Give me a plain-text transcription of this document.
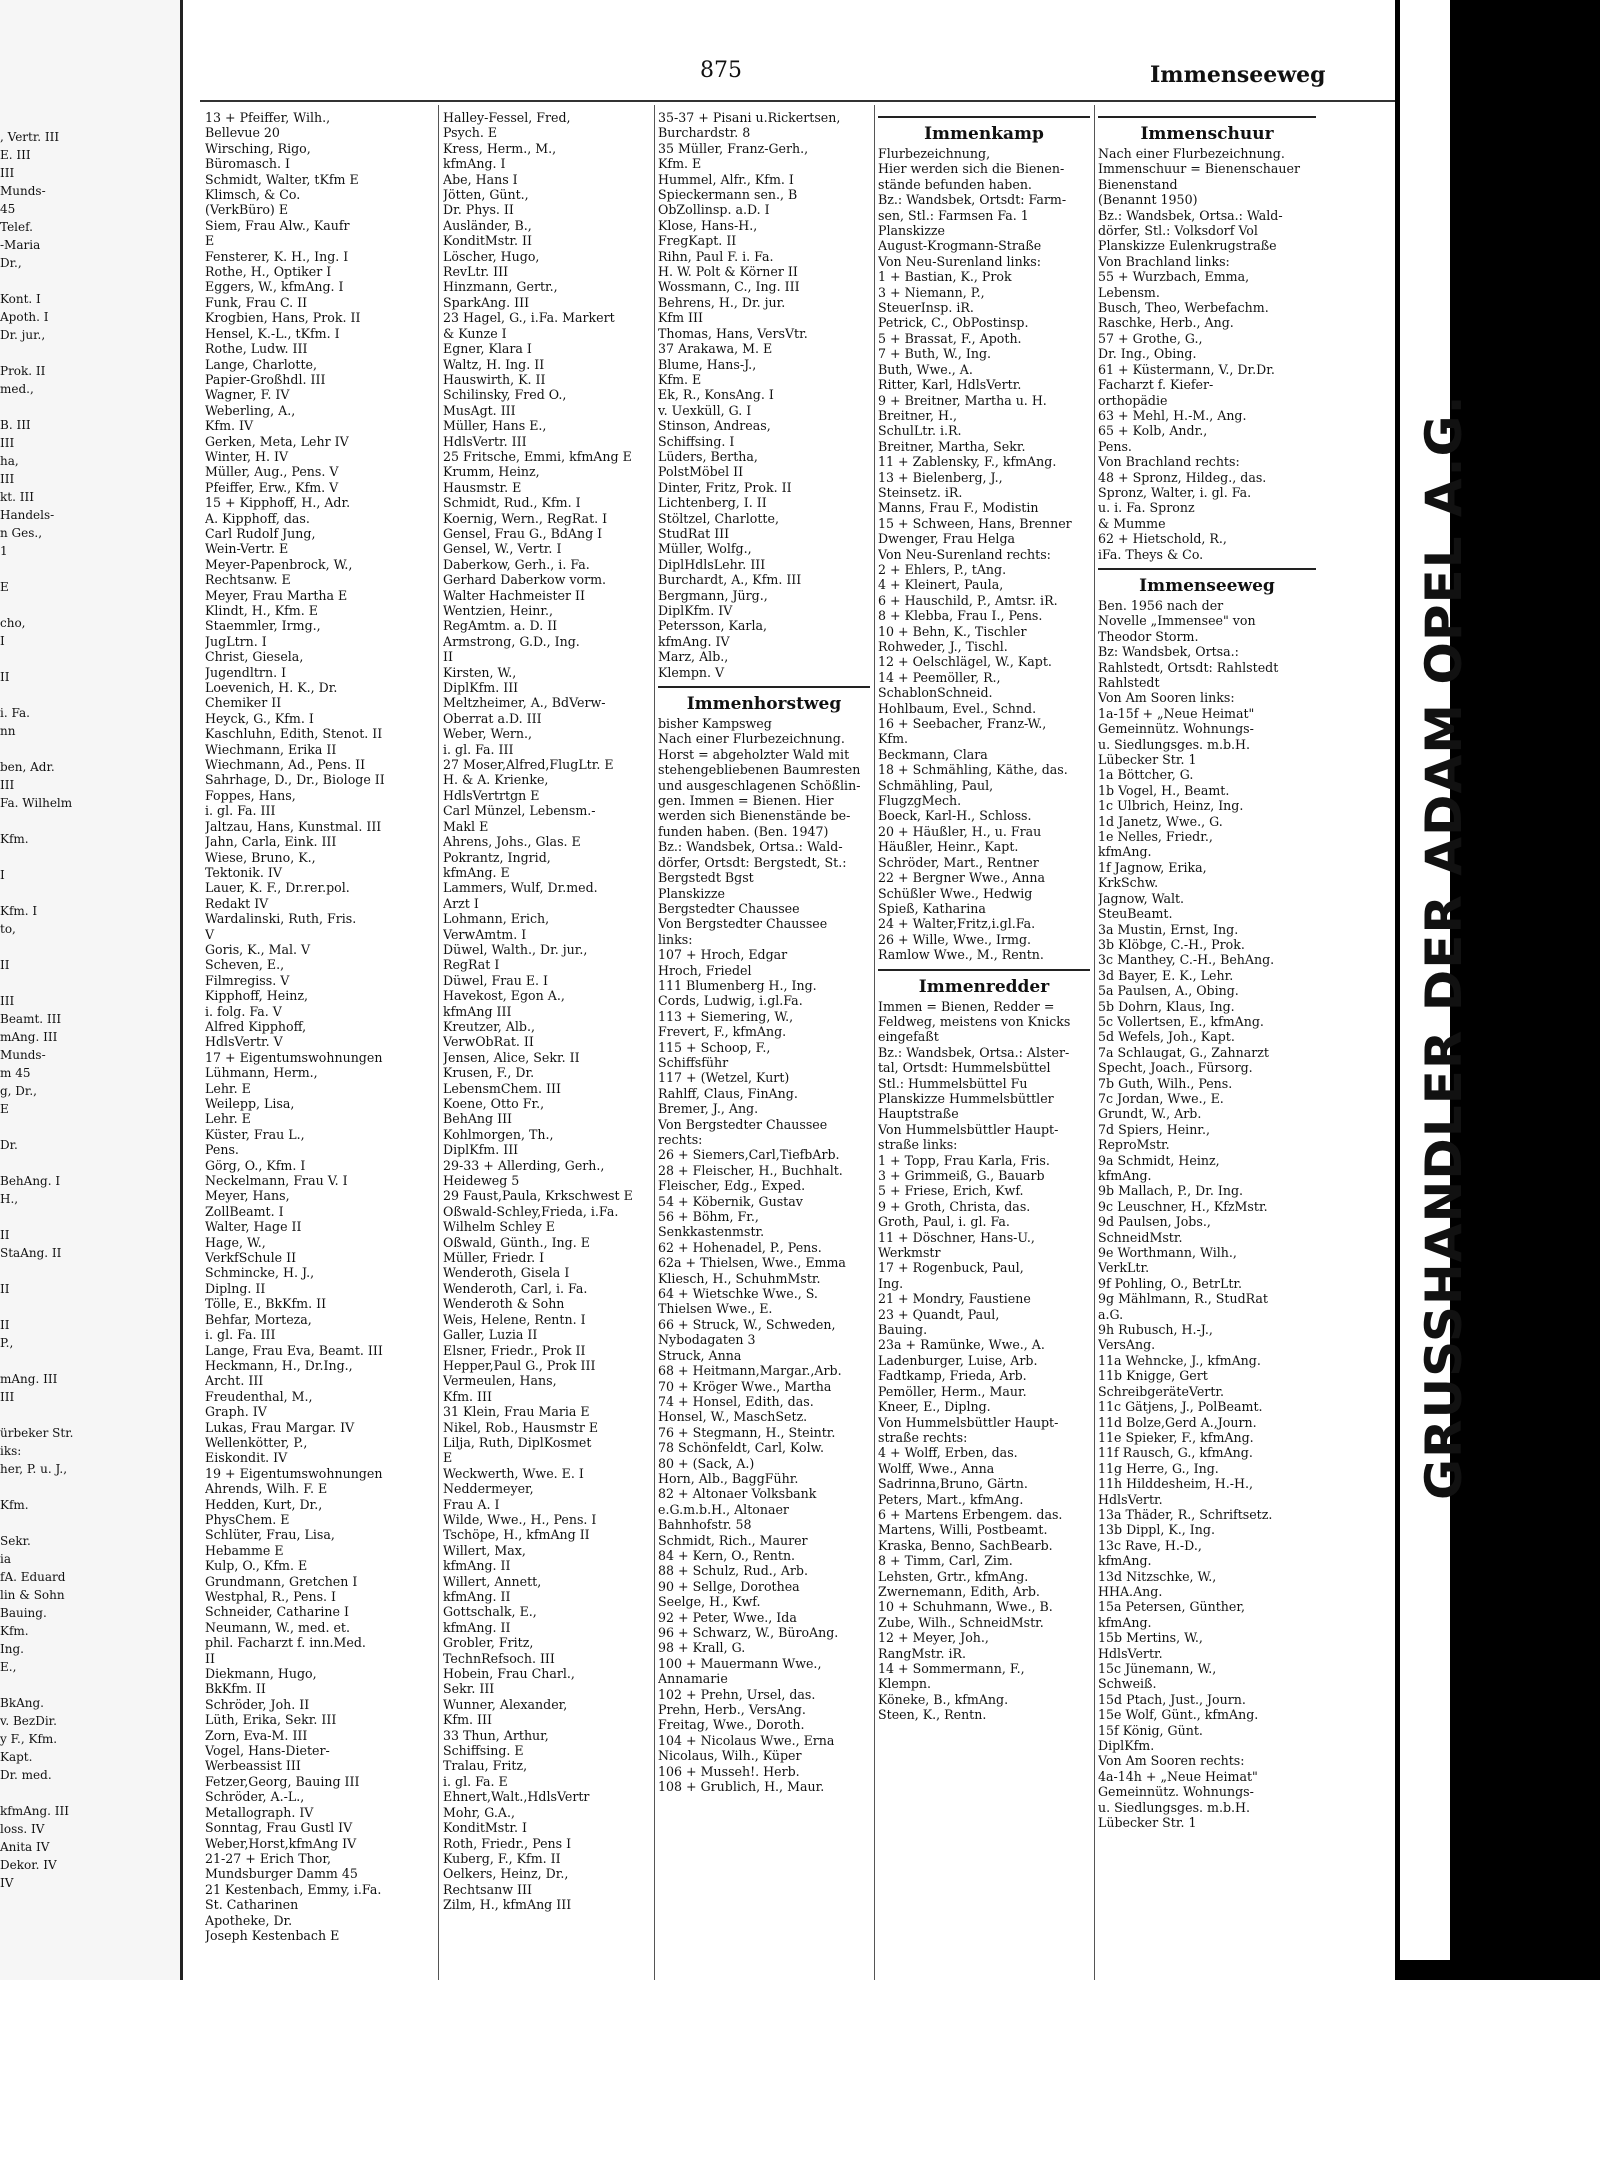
, Vertr. III
E. III
III
Munds-
45
Telef.
-Maria
Dr.,
Kont. I
Apoth. I
Dr. jur.,
Prok. II
med.,
B. III
III
ha,
III
kt. III
Handels-
n Ges.,
1
E
cho,
I
II
i. Fa.
nn
ben, Adr.
III
Fa. Wilhelm
Kfm.
I
Kfm. I
to,
II
III
Beamt. III
mAng. III
Munds-
m 45
g, Dr.,
E
Dr.
BehAng. I
H.,
II
StaAng. II
II
II
P.,
mAng. III
III
ürbeker Str.
iks:
her, P. u. J.,
Kfm.
Sekr.
ia
fA. Eduard
lin & Sohn
Bauing.
Kfm.
Ing.
E.,
BkAng.
v. BezDir.
y F., Kfm.
Kapt.
Dr. med.
kfmAng. III
loss. IV
Anita IV
Dekor. IV
IV
875	Immenseeweg
13 + Pfeiffer, Wilh.,
Bellevue 20
Wirsching, Rigo,
Büromasch. I
Schmidt, Walter, tKfm E
Klimsch, & Co.
(VerkBüro) E
Siem, Frau Alw., Kaufr
E
Fensterer, K. H., Ing. I
Rothe, H., Optiker I
Eggers, W., kfmAng. I
Funk, Frau C. II
Krogbien, Hans, Prok. II
Hensel, K.-L., tKfm. I
Rothe, Ludw. III
Lange, Charlotte,
Papier-Großhdl. III
Wagner, F. IV
Weberling, A.,
Kfm. IV
Gerken, Meta, Lehr IV
Winter, H. IV
Müller, Aug., Pens. V
Pfeiffer, Erw., Kfm. V
15 + Kipphoff, H., Adr.
A. Kipphoff, das.
Carl Rudolf Jung,
Wein-Vertr. E
Meyer-Papenbrock, W.,
Rechtsanw. E
Meyer, Frau Martha E
Klindt, H., Kfm. E
Staemmler, Irmg.,
JugLtrn. I
Christ, Giesela,
Jugendltrn. I
Loevenich, H. K., Dr.
Chemiker II
Heyck, G., Kfm. I
Kaschluhn, Edith, Stenot. II
Wiechmann, Erika II
Wiechmann, Ad., Pens. II
Sahrhage, D., Dr., Biologe II
Foppes, Hans,
i. gl. Fa. III
Jaltzau, Hans, Kunstmal. III
Jahn, Carla, Eink. III
Wiese, Bruno, K.,
Tektonik. IV
Lauer, K. F., Dr.rer.pol.
Redakt IV
Wardalinski, Ruth, Fris.
V
Goris, K., Mal. V
Scheven, E.,
Filmregiss. V
Kipphoff, Heinz,
i. folg. Fa. V
Alfred Kipphoff,
HdlsVertr. V
17 + Eigentumswohnungen
Lühmann, Herm.,
Lehr. E
Weilepp, Lisa,
Lehr. E
Küster, Frau L.,
Pens.
Görg, O., Kfm. I
Neckelmann, Frau V. I
Meyer, Hans,
ZollBeamt. I
Walter, Hage II
Hage, W.,
VerkfSchule II
Schmincke, H. J.,
Diplng. II
Tölle, E., BkKfm. II
Behfar, Morteza,
i. gl. Fa. III
Lange, Frau Eva, Beamt. III
Heckmann, H., Dr.Ing.,
Archt. III
Freudenthal, M.,
Graph. IV
Lukas, Frau Margar. IV
Wellenkötter, P.,
Eiskondit. IV
19 + Eigentumswohnungen
Ahrends, Wilh. F. E
Hedden, Kurt, Dr.,
PhysChem. E
Schlüter, Frau, Lisa,
Hebamme E
Kulp, O., Kfm. E
Grundmann, Gretchen I
Westphal, R., Pens. I
Schneider, Catharine I
Neumann, W., med. et.
phil. Facharzt f. inn.Med.
II
Diekmann, Hugo,
BkKfm. II
Schröder, Joh. II
Lüth, Erika, Sekr. III
Zorn, Eva-M. III
Vogel, Hans-Dieter-
Werbeassist III
Fetzer,Georg, Bauing III
Schröder, A.-L.,
Metallograph. IV
Sonntag, Frau Gustl IV
Weber,Horst,kfmAng IV
21-27 + Erich Thor,
Mundsburger Damm 45
21 Kestenbach, Emmy, i.Fa.
St. Catharinen
Apotheke, Dr.
Joseph Kestenbach E
Halley-Fessel, Fred,
Psych. E
Kress, Herm., M.,
kfmAng. I
Abe, Hans I
Jötten, Günt.,
Dr. Phys. II
Ausländer, B.,
KonditMstr. II
Löscher, Hugo,
RevLtr. III
Hinzmann, Gertr.,
SparkAng. III
23 Hagel, G., i.Fa. Markert
& Kunze I
Egner, Klara I
Waltz, H. Ing. II
Hauswirth, K. II
Schilinsky, Fred O.,
MusAgt. III
Müller, Hans E.,
HdlsVertr. III
25 Fritsche, Emmi, kfmAng E
Krumm, Heinz,
Hausmstr. E
Schmidt, Rud., Kfm. I
Koernig, Wern., RegRat. I
Gensel, Frau G., BdAng I
Gensel, W., Vertr. I
Daberkow, Gerh., i. Fa.
Gerhard Daberkow vorm.
Walter Hachmeister II
Wentzien, Heinr.,
RegAmtm. a. D. II
Armstrong, G.D., Ing.
II
Kirsten, W.,
DiplKfm. III
Meltzheimer, A., BdVerw-
Oberrat a.D. III
Weber, Wern.,
i. gl. Fa. III
27 Moser,Alfred,FlugLtr. E
H. & A. Krienke,
HdlsVertrtgn E
Carl Münzel, Lebensm.-
Makl E
Ahrens, Johs., Glas. E
Pokrantz, Ingrid,
kfmAng. E
Lammers, Wulf, Dr.med.
Arzt I
Lohmann, Erich,
VerwAmtm. I
Düwel, Walth., Dr. jur.,
RegRat I
Düwel, Frau E. I
Havekost, Egon A.,
kfmAng III
Kreutzer, Alb.,
VerwObRat. II
Jensen, Alice, Sekr. II
Krusen, F., Dr.
LebensmChem. III
Koene, Otto Fr.,
BehAng III
Kohlmorgen, Th.,
DiplKfm. III
29-33 + Allerding, Gerh.,
Heideweg 5
29 Faust,Paula, Krkschwest E
Oßwald-Schley,Frieda, i.Fa.
Wilhelm Schley E
Oßwald, Günth., Ing. E
Müller, Friedr. I
Wenderoth, Gisela I
Wenderoth, Carl, i. Fa.
Wenderoth & Sohn
Weis, Helene, Rentn. I
Galler, Luzia II
Elsner, Friedr., Prok II
Hepper,Paul G., Prok III
Vermeulen, Hans,
Kfm. III
31 Klein, Frau Maria E
Nikel, Rob., Hausmstr E
Lilja, Ruth, DiplKosmet
E
Weckwerth, Wwe. E. I
Neddermeyer,
Frau A. I
Wilde, Wwe., H., Pens. I
Tschöpe, H., kfmAng II
Willert, Max,
kfmAng. II
Willert, Annett,
kfmAng. II
Gottschalk, E.,
kfmAng. II
Grobler, Fritz,
TechnRefsoch. III
Hobein, Frau Charl.,
Sekr. III
Wunner, Alexander,
Kfm. III
33 Thun, Arthur,
Schiffsing. E
Tralau, Fritz,
i. gl. Fa. E
Ehnert,Walt.,HdlsVertr
Mohr, G.A.,
KonditMstr. I
Roth, Friedr., Pens I
Kuberg, F., Kfm. II
Oelkers, Heinz, Dr.,
Rechtsanw III
Zilm, H., kfmAng III
35-37 + Pisani u.Rickertsen,
Burchardstr. 8
35 Müller, Franz-Gerh.,
Kfm. E
Hummel, Alfr., Kfm. I
Spieckermann sen., B
ObZollinsp. a.D. I
Klose, Hans-H.,
FregKapt. II
Rihn, Paul F. i. Fa.
H. W. Polt & Körner II
Wossmann, C., Ing. III
Behrens, H., Dr. jur.
Kfm III
Thomas, Hans, VersVtr.
37 Arakawa, M. E
Blume, Hans-J.,
Kfm. E
Ek, R., KonsAng. I
v. Uexküll, G. I
Stinson, Andreas,
Schiffsing. I
Lüders, Bertha,
PolstMöbel II
Dinter, Fritz, Prok. II
Lichtenberg, I. II
Stöltzel, Charlotte,
StudRat III
Müller, Wolfg.,
DiplHdlsLehr. III
Burchardt, A., Kfm. III
Bergmann, Jürg.,
DiplKfm. IV
Petersson, Karla,
kfmAng. IV
Marz, Alb.,
Klempn. V
Immenhorstweg
bisher Kampsweg
Nach einer Flurbezeichnung.
Horst = abgeholzter Wald mit
stehengebliebenen Baumresten
und ausgeschlagenen Schößlin-
gen. Immen = Bienen. Hier
werden sich Bienenstände be-
funden haben. (Ben. 1947)
Bz.: Wandsbek, Ortsa.: Wald-
dörfer, Ortsdt: Bergstedt, St.:
Bergstedt Bgst
Planskizze
Bergstedter Chaussee
Von Bergstedter Chaussee
links:
107 + Hroch, Edgar
Hroch, Friedel
111 Blumenberg H., Ing.
Cords, Ludwig, i.gl.Fa.
113 + Siemering, W.,
Frevert, F., kfmAng.
115 + Schoop, F.,
Schiffsführ
117 + (Wetzel, Kurt)
Rahlff, Claus, FinAng.
Bremer, J., Ang.
Von Bergstedter Chaussee
rechts:
26 + Siemers,Carl,TiefbArb.
28 + Fleischer, H., Buchhalt.
Fleischer, Edg., Exped.
54 + Köbernik, Gustav
56 + Böhm, Fr.,
Senkkastenmstr.
62 + Hohenadel, P., Pens.
62a + Thielsen, Wwe., Emma
Kliesch, H., SchuhmMstr.
64 + Wietschke Wwe., S.
Thielsen Wwe., E.
66 + Struck, W., Schweden,
Nybodagaten 3
Struck, Anna
68 + Heitmann,Margar.,Arb.
70 + Kröger Wwe., Martha
74 + Honsel, Edith, das.
Honsel, W., MaschSetz.
76 + Stegmann, H., Steintr.
78 Schönfeldt, Carl, Kolw.
80 + (Sack, A.)
Horn, Alb., BaggFühr.
82 + Altonaer Volksbank
e.G.m.b.H., Altonaer
Bahnhofstr. 58
Schmidt, Rich., Maurer
84 + Kern, O., Rentn.
88 + Schulz, Rud., Arb.
90 + Sellge, Dorothea
Seelge, H., Kwf.
92 + Peter, Wwe., Ida
96 + Schwarz, W., BüroAng.
98 + Krall, G.
100 + Mauermann Wwe.,
Annamarie
102 + Prehn, Ursel, das.
Prehn, Herb., VersAng.
Freitag, Wwe., Doroth.
104 + Nicolaus Wwe., Erna
Nicolaus, Wilh., Küper
106 + Musseh!. Herb.
108 + Grublich, H., Maur.
Immenkamp
Flurbezeichnung,
Hier werden sich die Bienen-
stände befunden haben.
Bz.: Wandsbek, Ortsdt: Farm-
sen, Stl.: Farmsen Fa. 1
Planskizze
August-Krogmann-Straße
Von Neu-Surenland links:
1 + Bastian, K., Prok
3 + Niemann, P.,
SteuerInsp. iR.
Petrick, C., ObPostinsp.
5 + Brassat, F., Apoth.
7 + Buth, W., Ing.
Buth, Wwe., A.
Ritter, Karl, HdlsVertr.
9 + Breitner, Martha u. H.
Breitner, H.,
SchulLtr. i.R.
Breitner, Martha, Sekr.
11 + Zablensky, F., kfmAng.
13 + Bielenberg, J.,
Steinsetz. iR.
Manns, Frau F., Modistin
15 + Schween, Hans, Brenner
Dwenger, Frau Helga
Von Neu-Surenland rechts:
2 + Ehlers, P., tAng.
4 + Kleinert, Paula,
6 + Hauschild, P., Amtsr. iR.
8 + Klebba, Frau I., Pens.
10 + Behn, K., Tischler
Rohweder, J., Tischl.
12 + Oelschlägel, W., Kapt.
14 + Peemöller, R.,
SchablonSchneid.
Hohlbaum, Evel., Schnd.
16 + Seebacher, Franz-W.,
Kfm.
Beckmann, Clara
18 + Schmähling, Käthe, das.
Schmähling, Paul,
FlugzgMech.
Boeck, Karl-H., Schloss.
20 + Häußler, H., u. Frau
Häußler, Heinr., Kapt.
Schröder, Mart., Rentner
22 + Bergner Wwe., Anna
Schüßler Wwe., Hedwig
Spieß, Katharina
24 + Walter,Fritz,i.gl.Fa.
26 + Wille, Wwe., Irmg.
Ramlow Wwe., M., Rentn.
Immenredder
Immen = Bienen, Redder =
Feldweg, meistens von Knicks
eingefaßt
Bz.: Wandsbek, Ortsa.: Alster-
tal, Ortsdt: Hummelsbüttel
Stl.: Hummelsbüttel Fu
Planskizze Hummelsbüttler
Hauptstraße
Von Hummelsbüttler Haupt-
straße links:
1 + Topp, Frau Karla, Fris.
3 + Grimmeiß, G., Bauarb
5 + Friese, Erich, Kwf.
9 + Groth, Christa, das.
Groth, Paul, i. gl. Fa.
11 + Döschner, Hans-U.,
Werkmstr
17 + Rogenbuck, Paul,
Ing.
21 + Mondry, Faustiene
23 + Quandt, Paul,
Bauing.
23a + Ramünke, Wwe., A.
Ladenburger, Luise, Arb.
Fadtkamp, Frieda, Arb.
Pemöller, Herm., Maur.
Kneer, E., Diplng.
Von Hummelsbüttler Haupt-
straße rechts:
4 + Wolff, Erben, das.
Wolff, Wwe., Anna
Sadrinna,Bruno, Gärtn.
Peters, Mart., kfmAng.
6 + Martens Erbengem. das.
Martens, Willi, Postbeamt.
Kraska, Benno, SachBearb.
8 + Timm, Carl, Zim.
Lehsten, Grtr., kfmAng.
Zwernemann, Edith, Arb.
10 + Schuhmann, Wwe., B.
Zube, Wilh., SchneidMstr.
12 + Meyer, Joh.,
RangMstr. iR.
14 + Sommermann, F.,
Klempn.
Köneke, B., kfmAng.
Steen, K., Rentn.
Immenschuur
Nach einer Flurbezeichnung.
Immenschuur = Bienenschauer
Bienenstand
(Benannt 1950)
Bz.: Wandsbek, Ortsa.: Wald-
dörfer, Stl.: Volksdorf Vol
Planskizze Eulenkrugstraße
Von Brachland links:
55 + Wurzbach, Emma,
Lebensm.
Busch, Theo, Werbefachm.
Raschke, Herb., Ang.
57 + Grothe, G.,
Dr. Ing., Obing.
61 + Küstermann, V., Dr.Dr.
Facharzt f. Kiefer-
orthopädie
63 + Mehl, H.-M., Ang.
65 + Kolb, Andr.,
Pens.
Von Brachland rechts:
48 + Spronz, Hildeg., das.
Spronz, Walter, i. gl. Fa.
u. i. Fa. Spronz
& Mumme
62 + Hietschold, R.,
iFa. Theys & Co.
Immenseeweg
Ben. 1956 nach der
Novelle „Immensee" von
Theodor Storm.
Bz: Wandsbek, Ortsa.:
Rahlstedt, Ortsdt: Rahlstedt
Rahlstedt
Von Am Sooren links:
1a-15f + „Neue Heimat"
Gemeinnütz. Wohnungs-
u. Siedlungsges. m.b.H.
Lübecker Str. 1
1a Böttcher, G.
1b Vogel, H., Beamt.
1c Ulbrich, Heinz, Ing.
1d Janetz, Wwe., G.
1e Nelles, Friedr.,
kfmAng.
1f Jagnow, Erika,
KrkSchw.
Jagnow, Walt.
SteuBeamt.
3a Mustin, Ernst, Ing.
3b Klöbge, C.-H., Prok.
3c Manthey, C.-H., BehAng.
3d Bayer, E. K., Lehr.
5a Paulsen, A., Obing.
5b Dohrn, Klaus, Ing.
5c Vollertsen, E., kfmAng.
5d Wefels, Joh., Kapt.
7a Schlaugat, G., Zahnarzt
Specht, Joach., Fürsorg.
7b Guth, Wilh., Pens.
7c Jordan, Wwe., E.
Grundt, W., Arb.
7d Spiers, Heinr.,
ReproMstr.
9a Schmidt, Heinz,
kfmAng.
9b Mallach, P., Dr. Ing.
9c Leuschner, H., KfzMstr.
9d Paulsen, Jobs.,
SchneidMstr.
9e Worthmann, Wilh.,
VerkLtr.
9f Pohling, O., BetrLtr.
9g Mählmann, R., StudRat
a.G.
9h Rubusch, H.-J.,
VersAng.
11a Wehncke, J., kfmAng.
11b Knigge, Gert
SchreibgeräteVertr.
11c Gätjens, J., PolBeamt.
11d Bolze,Gerd A.,Journ.
11e Spieker, F., kfmAng.
11f Rausch, G., kfmAng.
11g Herre, G., Ing.
11h Hilddesheim, H.-H.,
HdlsVertr.
13a Thäder, R., Schriftsetz.
13b Dippl, K., Ing.
13c Rave, H.-D.,
kfmAng.
13d Nitzschke, W.,
HHA.Ang.
15a Petersen, Günther,
kfmAng.
15b Mertins, W.,
HdlsVertr.
15c Jünemann, W.,
Schweiß.
15d Ptach, Just., Journ.
15e Wolf, Günt., kfmAng.
15f König, Günt.
DiplKfm.
Von Am Sooren rechts:
4a-14h + „Neue Heimat"
Gemeinnütz. Wohnungs-
u. Siedlungsges. m.b.H.
Lübecker Str. 1
GRUSSHANDLER DER ADAM OPEL A.G.
